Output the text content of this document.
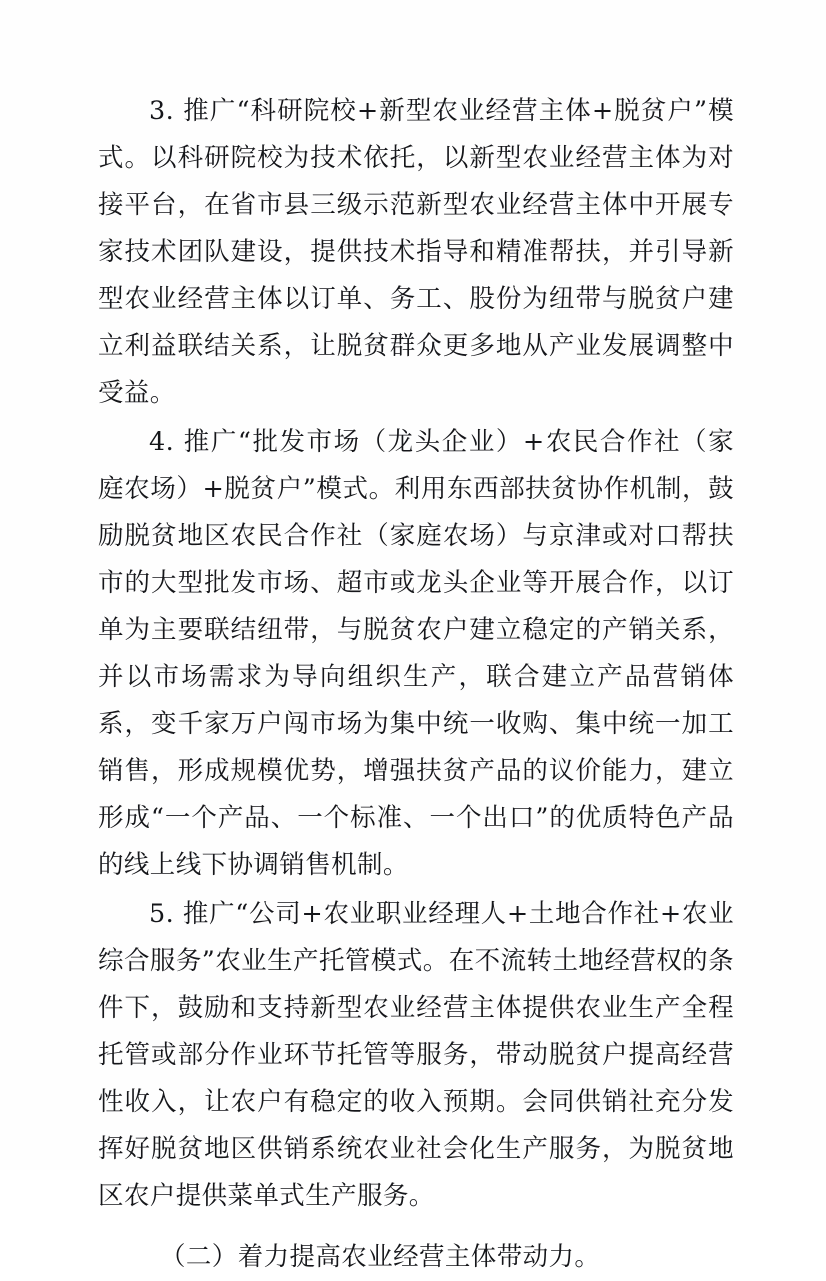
3. 推广“科研院校+新型农业经营主体+脱贫户”模式。以科研院校为技术依托，以新型农业经营主体为对接平台，在省市县三级示范新型农业经营主体中开展专家技术团队建设，提供技术指导和精准帮扶，并引导新型农业经营主体以订单、务工、股份为纽带与脱贫户建立利益联结关系，让脱贫群众更多地从产业发展调整中受益。

4. 推广“批发市场（龙头企业）+农民合作社（家庭农场）+脱贫户”模式。利用东西部扶贫协作机制，鼓励脱贫地区农民合作社（家庭农场）与京津或对口帮扶市的大型批发市场、超市或龙头企业等开展合作，以订单为主要联结纽带，与脱贫农户建立稳定的产销关系，并以市场需求为导向组织生产，联合建立产品营销体系，变千家万户闯市场为集中统一收购、集中统一加工销售，形成规模优势，增强扶贫产品的议价能力，建立形成“一个产品、一个标准、一个出口”的优质特色产品的线上线下协调销售机制。

5. 推广“公司+农业职业经理人+土地合作社+农业综合服务”农业生产托管模式。在不流转土地经营权的条件下，鼓励和支持新型农业经营主体提供农业生产全程托管或部分作业环节托管等服务，带动脱贫户提高经营性收入，让农户有稳定的收入预期。会同供销社充分发挥好脱贫地区供销系统农业社会化生产服务，为脱贫地区农户提供菜单式生产服务。

（二）着力提高农业经营主体带动力。
